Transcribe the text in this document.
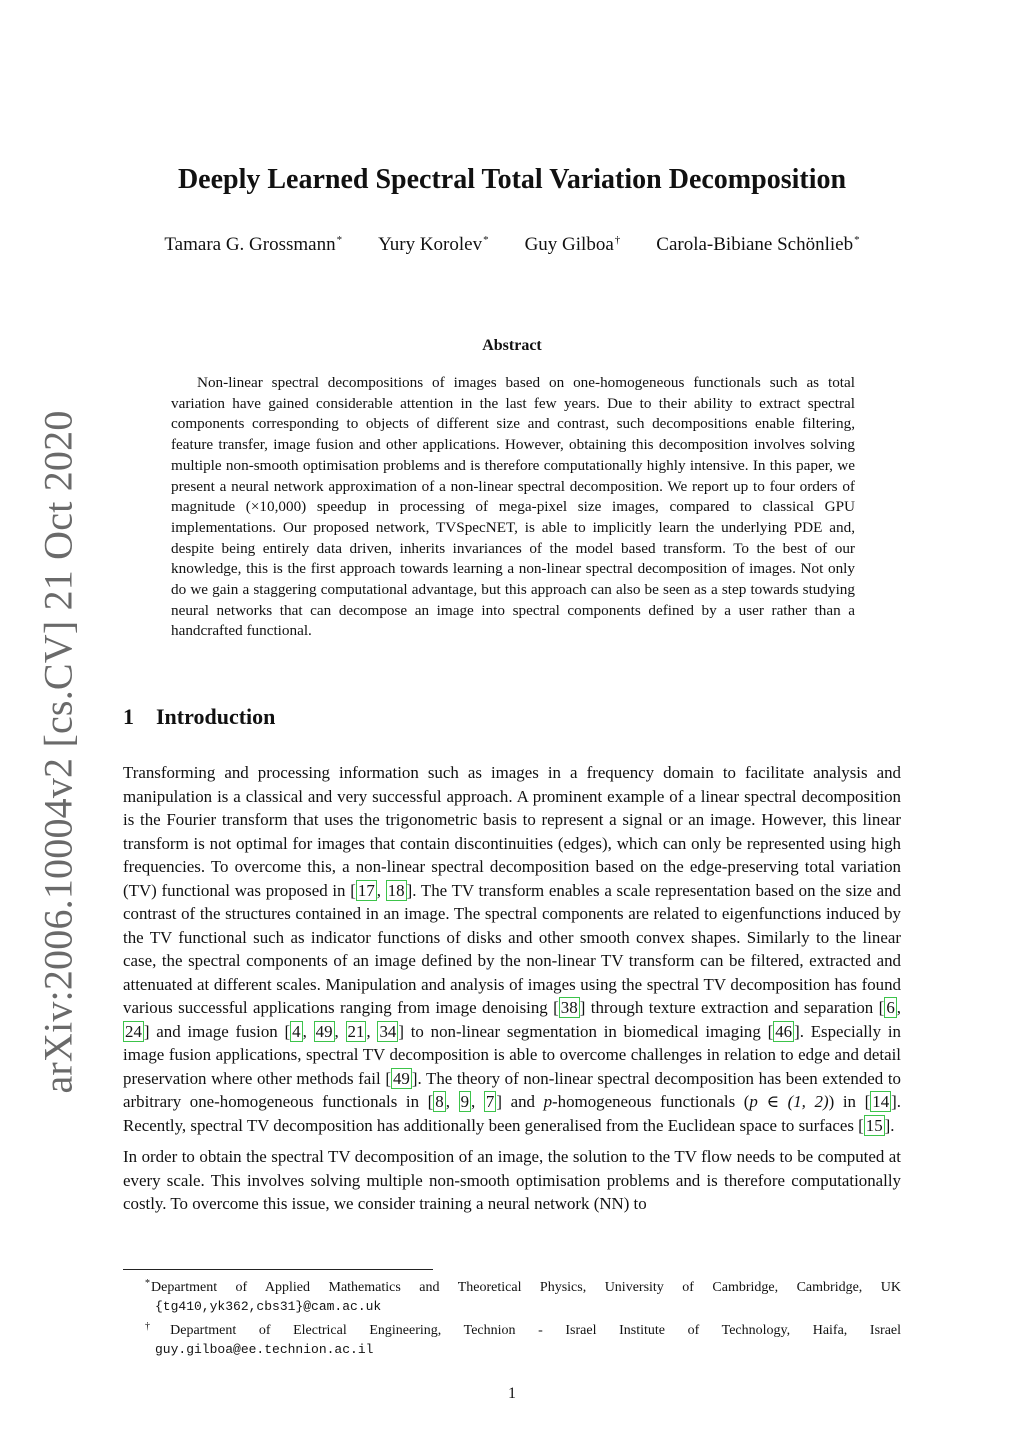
arXiv:2006.10004v2 [cs.CV] 21 Oct 2020
Deeply Learned Spectral Total Variation Decomposition
Tamara G. Grossmann* Yury Korolev* Guy Gilboa† Carola-Bibiane Schönlieb*
Abstract
Non-linear spectral decompositions of images based on one-homogeneous functionals such as total variation have gained considerable attention in the last few years. Due to their ability to extract spectral components corresponding to objects of different size and contrast, such decompositions enable filtering, feature transfer, image fusion and other applications. However, obtaining this decomposition involves solving multiple non-smooth optimisation problems and is therefore computationally highly intensive. In this paper, we present a neural network approximation of a non-linear spectral decomposition. We report up to four orders of magnitude (×10,000) speedup in processing of mega-pixel size images, compared to classical GPU implementations. Our proposed network, TVSpecNET, is able to implicitly learn the underlying PDE and, despite being entirely data driven, inherits invariances of the model based transform. To the best of our knowledge, this is the first approach towards learning a non-linear spectral decomposition of images. Not only do we gain a staggering computational advantage, but this approach can also be seen as a step towards studying neural networks that can decompose an image into spectral components defined by a user rather than a handcrafted functional.
1 Introduction

Transforming and processing information such as images in a frequency domain to facilitate analysis and manipulation is a classical and very successful approach. A prominent example of a linear spectral decomposition is the Fourier transform that uses the trigonometric basis to represent a signal or an image. However, this linear transform is not optimal for images that contain discontinuities (edges), which can only be represented using high frequencies. To overcome this, a non-linear spectral decomposition based on the edge-preserving total variation (TV) functional was proposed in [ 17 , 18 ]. The TV transform enables a scale representation based on the size and contrast of the structures contained in an image. The spectral components are related to eigenfunctions induced by the TV functional such as indicator functions of disks and other smooth convex shapes. Similarly to the linear case, the spectral components of an image defined by the non-linear TV transform can be filtered, extracted and attenuated at different scales. Manipulation and analysis of images using the spectral TV decomposition has found various successful applications ranging from image denoising [ 38 ] through texture extraction and separation [ 6 , 24 ] and image fusion [ 4 , 49 , 21 , 34 ] to non-linear segmentation in biomedical imaging [ 46 ]. Especially in image fusion applications, spectral TV decomposition is able to overcome challenges in relation to edge and detail preservation where other methods fail [ 49 ]. The theory of non-linear spectral decomposition has been extended to arbitrary one-homogeneous functionals in [ 8 , 9 , 7 ] and p-homogeneous functionals (p ∈ (1, 2)) in [ 14 ]. Recently, spectral TV decomposition has additionally been generalised from the Euclidean space to surfaces [ 15 ].

In order to obtain the spectral TV decomposition of an image, the solution to the TV flow needs to be computed at every scale. This involves solving multiple non-smooth optimisation problems and is therefore computationally costly. To overcome this issue, we consider training a neural network (NN) to

*Department of Applied Mathematics and Theoretical Physics, University of Cambridge, Cambridge, UK
{tg410,yk362,cbs31}@cam.ac.uk
†Department of Electrical Engineering, Technion - Israel Institute of Technology, Haifa, Israel
guy.gilboa@ee.technion.ac.il
1
